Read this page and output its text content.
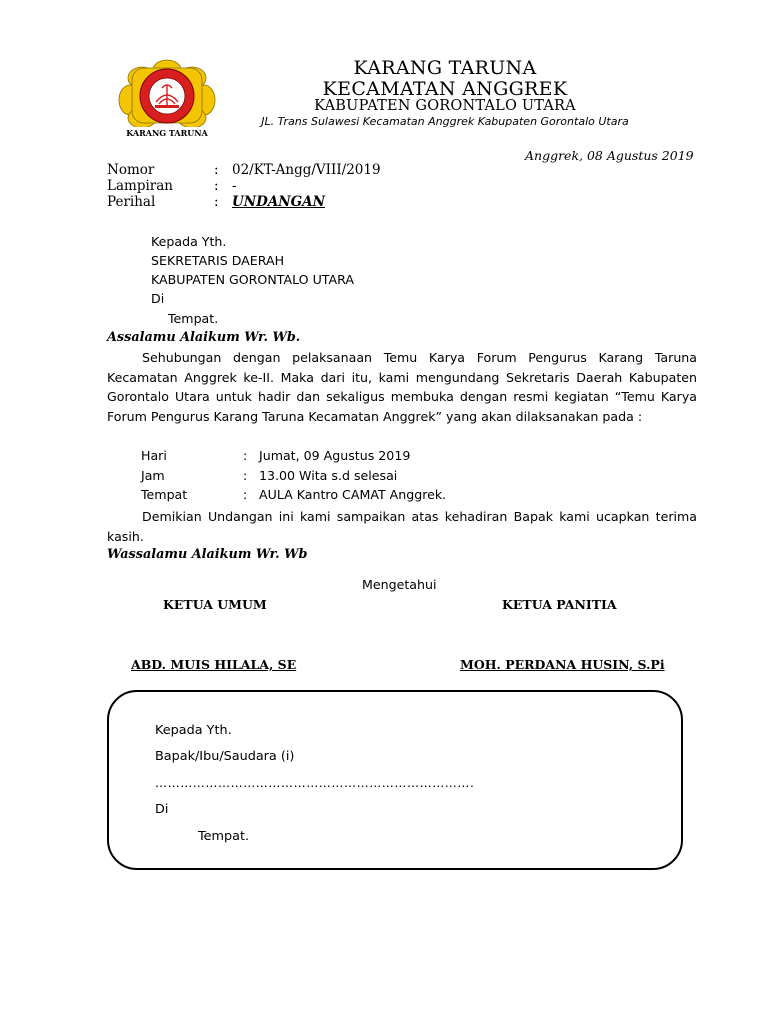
KARANG TARUNA
KARANG TARUNA
KECAMATAN ANGGREK
KABUPATEN GORONTALO UTARA
JL. Trans Sulawesi Kecamatan Anggrek Kabupaten Gorontalo Utara
Anggrek, 08 Agustus 2019
Nomor	: 02/KT-Angg/VIII/2019
Lampiran	: -
Perihal	: UNDANGAN
Kepada Yth.
SEKRETARIS DAERAH
KABUPATEN GORONTALO UTARA
Di
Tempat.
Assalamu Alaikum Wr. Wb.
Sehubungan dengan pelaksanaan Temu Karya Forum Pengurus Karang Taruna Kecamatan Anggrek ke-II. Maka dari itu, kami mengundang Sekretaris Daerah Kabupaten Gorontalo Utara untuk hadir dan sekaligus membuka dengan resmi kegiatan “Temu Karya Forum Pengurus Karang Taruna Kecamatan Anggrek” yang akan dilaksanakan pada :
Hari	: Jumat, 09 Agustus 2019
Jam	: 13.00 Wita s.d selesai
Tempat	: AULA Kantro CAMAT Anggrek.
Demikian Undangan ini kami sampaikan atas kehadiran Bapak kami ucapkan terima kasih.
Wassalamu Alaikum Wr. Wb
Mengetahui
KETUA UMUM	KETUA PANITIA
ABD. MUIS HILALA, SE	MOH. PERDANA HUSIN, S.Pi
Kepada Yth.
Bapak/Ibu/Saudara (i)
………………………………………………………………….
Di
Tempat.
